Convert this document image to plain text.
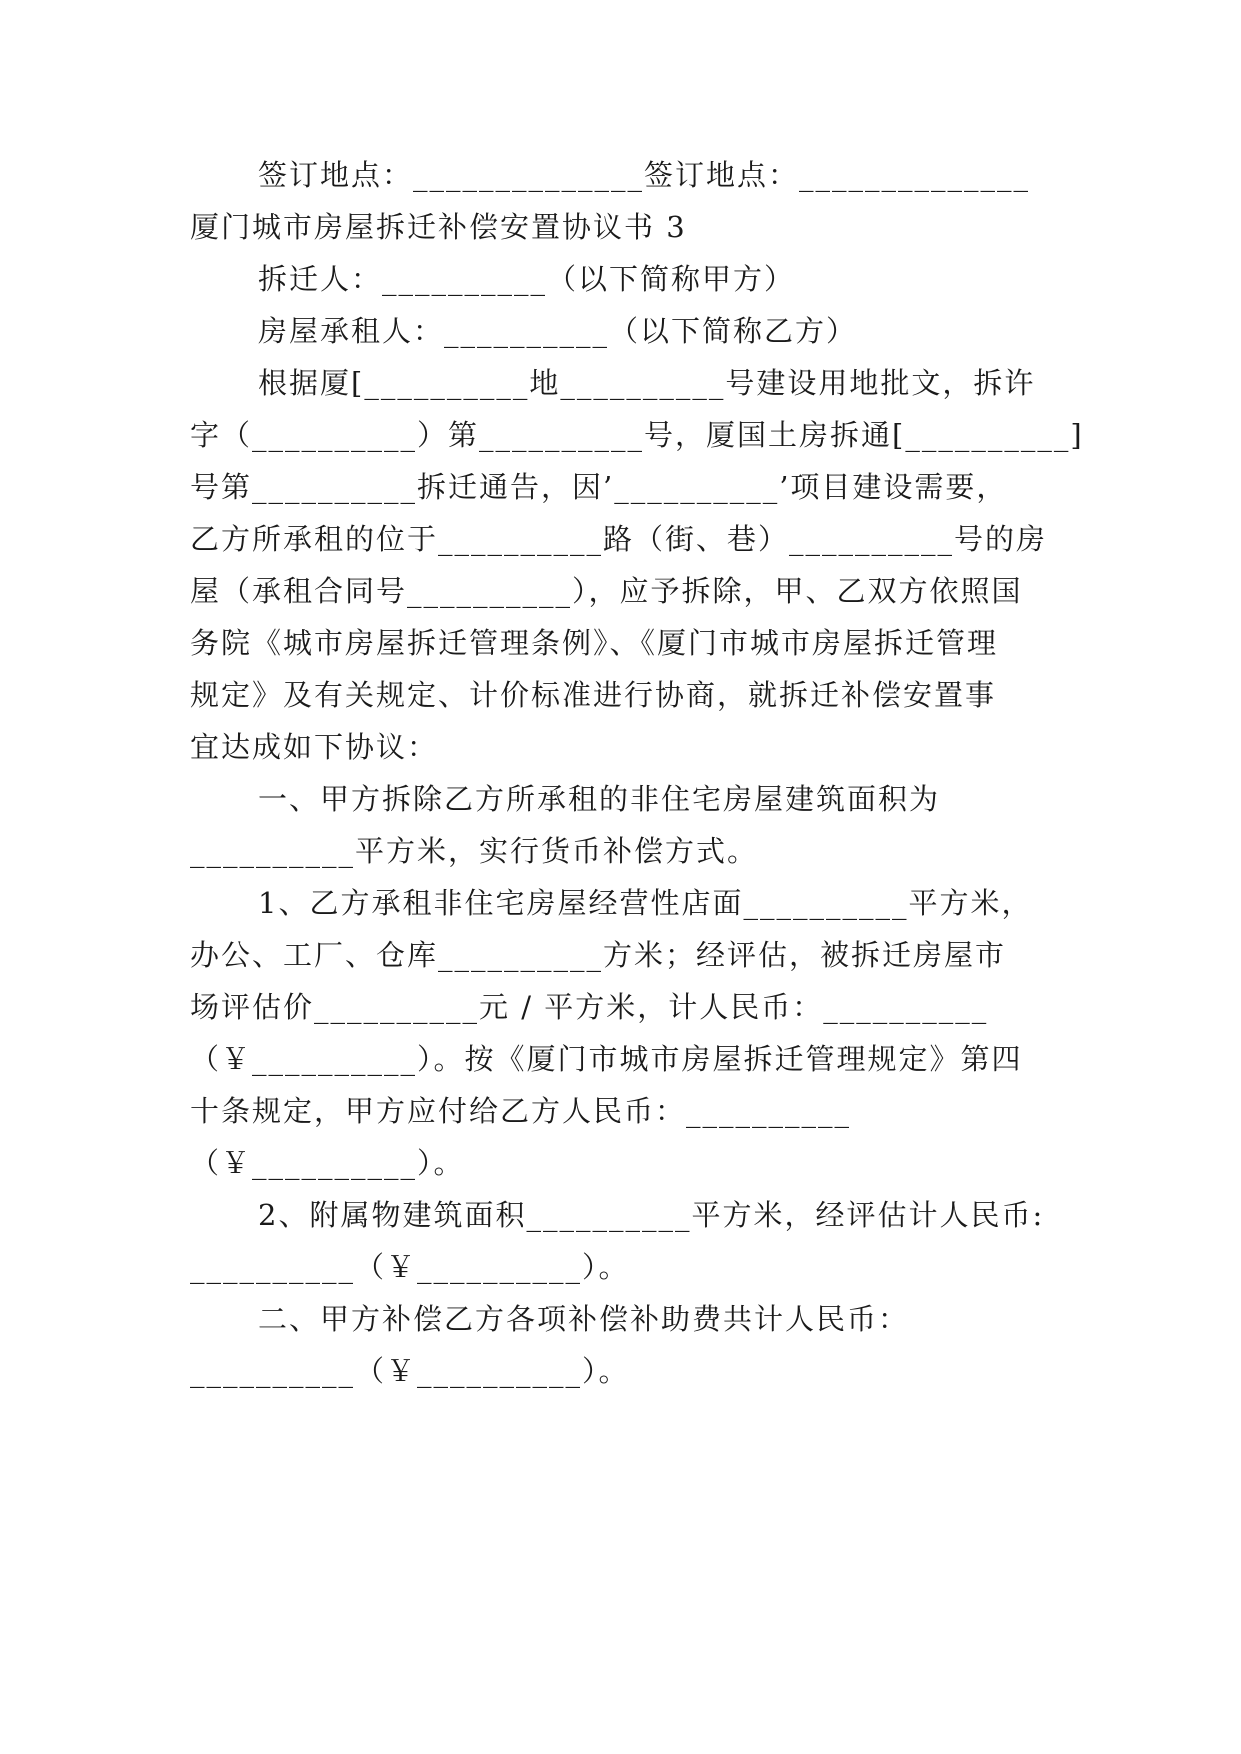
签订地点：______________签订地点：______________
厦门城市房屋拆迁补偿安置协议书 3
拆迁人：__________（以下简称甲方）
房屋承租人：__________（以下简称乙方）
根据厦[__________地__________号建设用地批文，拆许
字（__________）第__________号，厦国土房拆通[__________]
号第__________拆迁通告，因’__________’项目建设需要，
乙方所承租的位于__________路（街、巷）__________号的房
屋（承租合同号__________），应予拆除，甲、乙双方依照国
务院《城市房屋拆迁管理条例》、《厦门市城市房屋拆迁管理
规定》及有关规定、计价标准进行协商，就拆迁补偿安置事
宜达成如下协议：
一、甲方拆除乙方所承租的非住宅房屋建筑面积为
__________平方米，实行货币补偿方式。
1、乙方承租非住宅房屋经营性店面__________平方米，
办公、工厂、仓库__________方米；经评估，被拆迁房屋市
场评估价__________元 / 平方米，计人民币：__________
（￥__________）。按《厦门市城市房屋拆迁管理规定》第四
十条规定，甲方应付给乙方人民币：__________
（￥__________）。
2、附属物建筑面积__________平方米，经评估计人民币:
__________（￥__________）。
二、甲方补偿乙方各项补偿补助费共计人民币：
__________（￥__________）。
